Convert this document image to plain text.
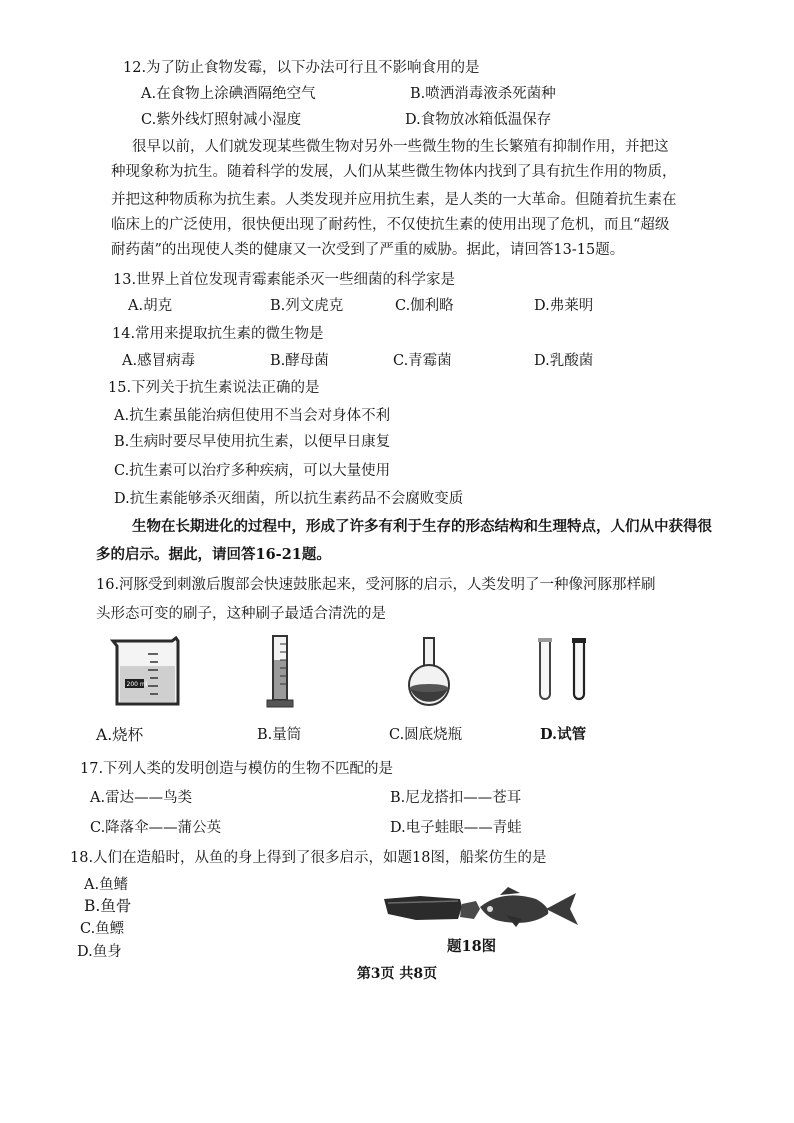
12.为了防止食物发霉，以下办法可行且不影响食用的是
A.在食物上涂碘酒隔绝空气	B.喷洒消毒液杀死菌种
C.紫外线灯照射减小湿度	D.食物放冰箱低温保存
很早以前，人们就发现某些微生物对另外一些微生物的生长繁殖有抑制作用，并把这
种现象称为抗生。随着科学的发展，人们从某些微生物体内找到了具有抗生作用的物质，
并把这种物质称为抗生素。人类发现并应用抗生素，是人类的一大革命。但随着抗生素在
临床上的广泛使用，很快便出现了耐药性，不仅使抗生素的使用出现了危机，而且“超级
耐药菌”的出现使人类的健康又一次受到了严重的威胁。据此，请回答13-15题。
13.世界上首位发现青霉素能杀灭一些细菌的科学家是
A.胡克	B.列文虎克	C.伽利略	D.弗莱明
14.常用来提取抗生素的微生物是
A.感冒病毒	B.酵母菌	C.青霉菌	D.乳酸菌
15.下列关于抗生素说法正确的是
A.抗生素虽能治病但使用不当会对身体不利
B.生病时要尽早使用抗生素，以便早日康复
C.抗生素可以治疗多种疾病，可以大量使用
D.抗生素能够杀灭细菌，所以抗生素药品不会腐败变质
生物在长期进化的过程中，形成了许多有利于生存的形态结构和生理特点，人们从中获得很
多的启示。据此，请回答16-21题。
16.河豚受到刺激后腹部会快速鼓胀起来，受河豚的启示，人类发明了一种像河豚那样刷
头形态可变的刷子，这种刷子最适合清洗的是
200 ml
A.烧杯	B.量筒	C.圆底烧瓶	D.试管
17.下列人类的发明创造与模仿的生物不匹配的是
A.雷达——鸟类	B.尼龙搭扣——苍耳
C.降落伞——蒲公英	D.电子蛙眼——青蛙
18.人们在造船时，从鱼的身上得到了很多启示，如题18图，船桨仿生的是
A.鱼鳍
B.鱼骨
C.鱼鳔
D.鱼身	题18图
第3页 共8页
